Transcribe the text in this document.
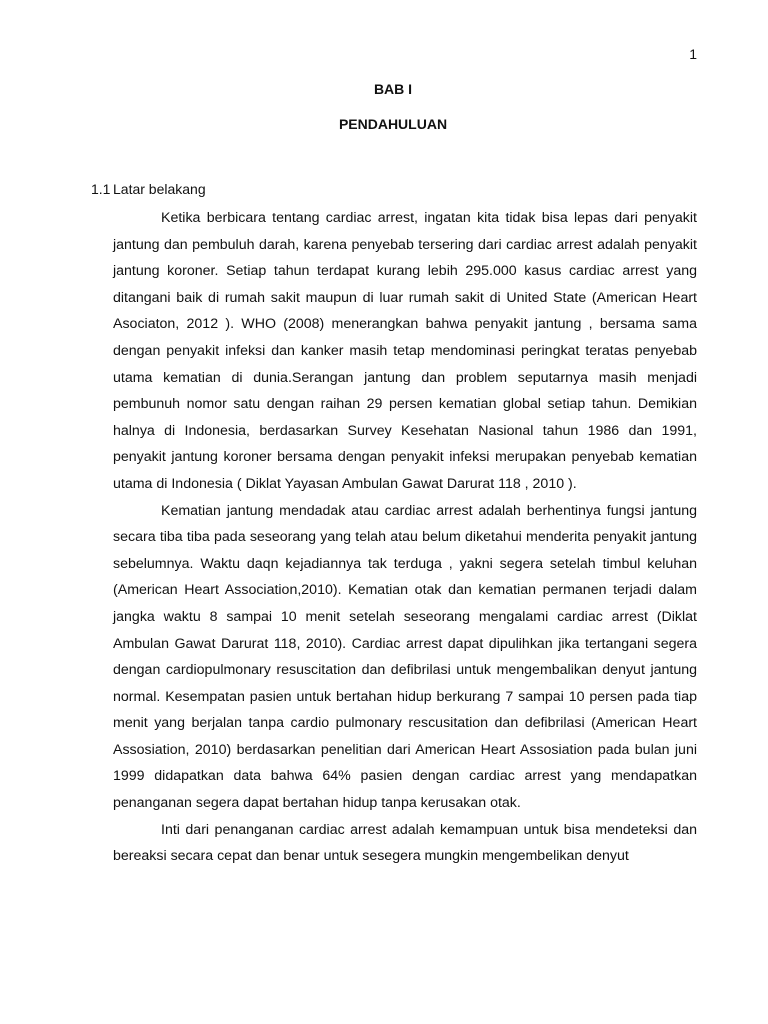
1
BAB I
PENDAHULUAN
1.1 Latar belakang

Ketika berbicara tentang cardiac arrest, ingatan kita tidak bisa lepas dari penyakit jantung dan pembuluh darah, karena penyebab tersering dari cardiac arrest adalah penyakit jantung koroner. Setiap tahun terdapat kurang lebih 295.000 kasus cardiac arrest yang ditangani baik di rumah sakit maupun di luar rumah sakit di United State (American Heart Asociaton, 2012 ). WHO (2008) menerangkan bahwa penyakit jantung , bersama sama dengan penyakit infeksi dan kanker masih tetap mendominasi peringkat teratas penyebab utama kematian di dunia.Serangan jantung dan problem seputarnya masih menjadi pembunuh nomor satu dengan raihan 29 persen kematian global setiap tahun. Demikian halnya di Indonesia, berdasarkan Survey Kesehatan Nasional tahun 1986 dan 1991, penyakit jantung koroner bersama dengan penyakit infeksi merupakan penyebab kematian utama di Indonesia ( Diklat Yayasan Ambulan Gawat Darurat 118 , 2010 ).

Kematian jantung mendadak atau cardiac arrest adalah berhentinya fungsi jantung secara tiba tiba pada seseorang yang telah atau belum diketahui menderita penyakit jantung sebelumnya. Waktu daqn kejadiannya tak terduga , yakni segera setelah timbul keluhan (American Heart Association,2010). Kematian otak dan kematian permanen terjadi dalam jangka waktu 8 sampai 10 menit setelah seseorang mengalami cardiac arrest (Diklat Ambulan Gawat Darurat 118, 2010). Cardiac arrest dapat dipulihkan jika tertangani segera dengan cardiopulmonary resuscitation dan defibrilasi untuk mengembalikan denyut jantung normal. Kesempatan pasien untuk bertahan hidup berkurang 7 sampai 10 persen pada tiap menit yang berjalan tanpa cardio pulmonary rescusitation dan defibrilasi (American Heart Assosiation, 2010) berdasarkan penelitian dari American Heart Assosiation pada bulan juni 1999 didapatkan data bahwa 64% pasien dengan cardiac arrest yang mendapatkan penanganan segera dapat bertahan hidup tanpa kerusakan otak.

Inti dari penanganan cardiac arrest adalah kemampuan untuk bisa mendeteksi dan bereaksi secara cepat dan benar untuk sesegera mungkin mengembelikan denyut
